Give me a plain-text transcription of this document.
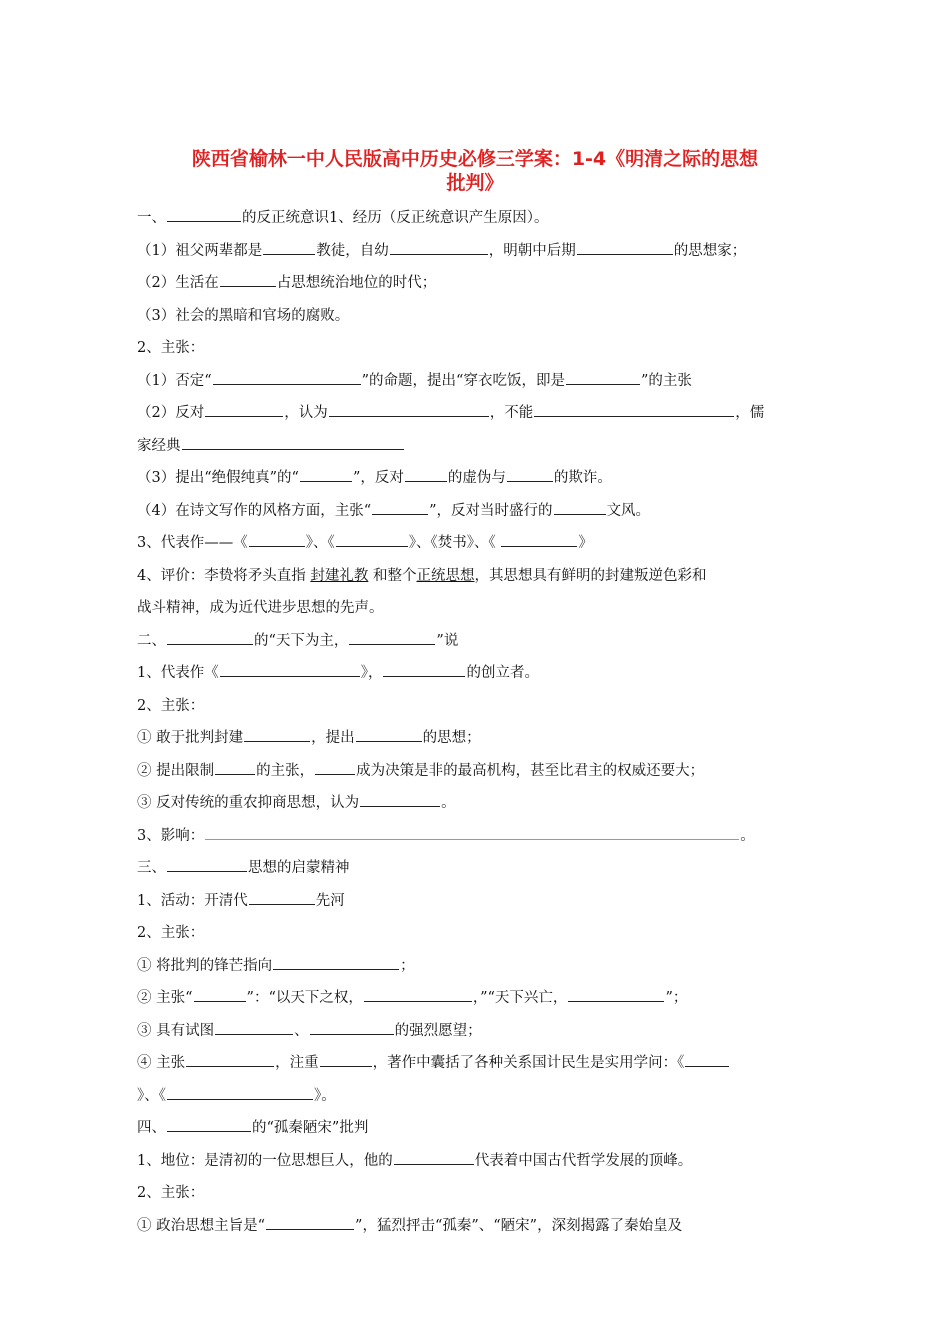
陕西省榆林一中人民版高中历史必修三学案：1-4《明清之际的思想
批判》
一、	的反正统意识1、经历（反正统意识产生原因）。
（1）祖父两辈都是	教徒，自幼	，明朝中后期	的思想家；
（2）生活在	占思想统治地位的时代；
（3）社会的黑暗和官场的腐败。
2、主张：
（1）否定“	”的命题，提出“穿衣吃饭，即是	”的主张
（2）反对	，认为	，不能	，儒
家经典
（3）提出“绝假纯真”的“	”，反对	的虚伪与	的欺诈。
（4）在诗文写作的风格方面，主张“	”，反对当时盛行的	文风。
3、代表作——《	》、《	》、《焚书》、《	》
4、评价：李贽将矛头直指 封建礼教 和整个正统思想，其思想具有鲜明的封建叛逆色彩和
战斗精神，成为近代进步思想的先声。
二、	的“天下为主，	”说
1、代表作《	》，	的创立者。
2、主张：
① 敢于批判封建	，提出	的思想；
② 提出限制	的主张，	成为决策是非的最高机构，甚至比君主的权威还要大；
③ 反对传统的重农抑商思想，认为	。
3、影响：	。
三、	思想的启蒙精神
1、活动：开清代	先河
2、主张：
① 将批判的锋芒指向	；
② 主张“	”：“以天下之权，	，”“天下兴亡，	”；
③ 具有试图	、	的强烈愿望；
④ 主张	，注重	，著作中囊括了各种关系国计民生是实用学问：《
》、《	》。
四、	的“孤秦陋宋”批判
1、地位：是清初的一位思想巨人，他的	代表着中国古代哲学发展的顶峰。
2、主张：
① 政治思想主旨是“	”，猛烈抨击“孤秦”、“陋宋”，深刻揭露了秦始皇及
